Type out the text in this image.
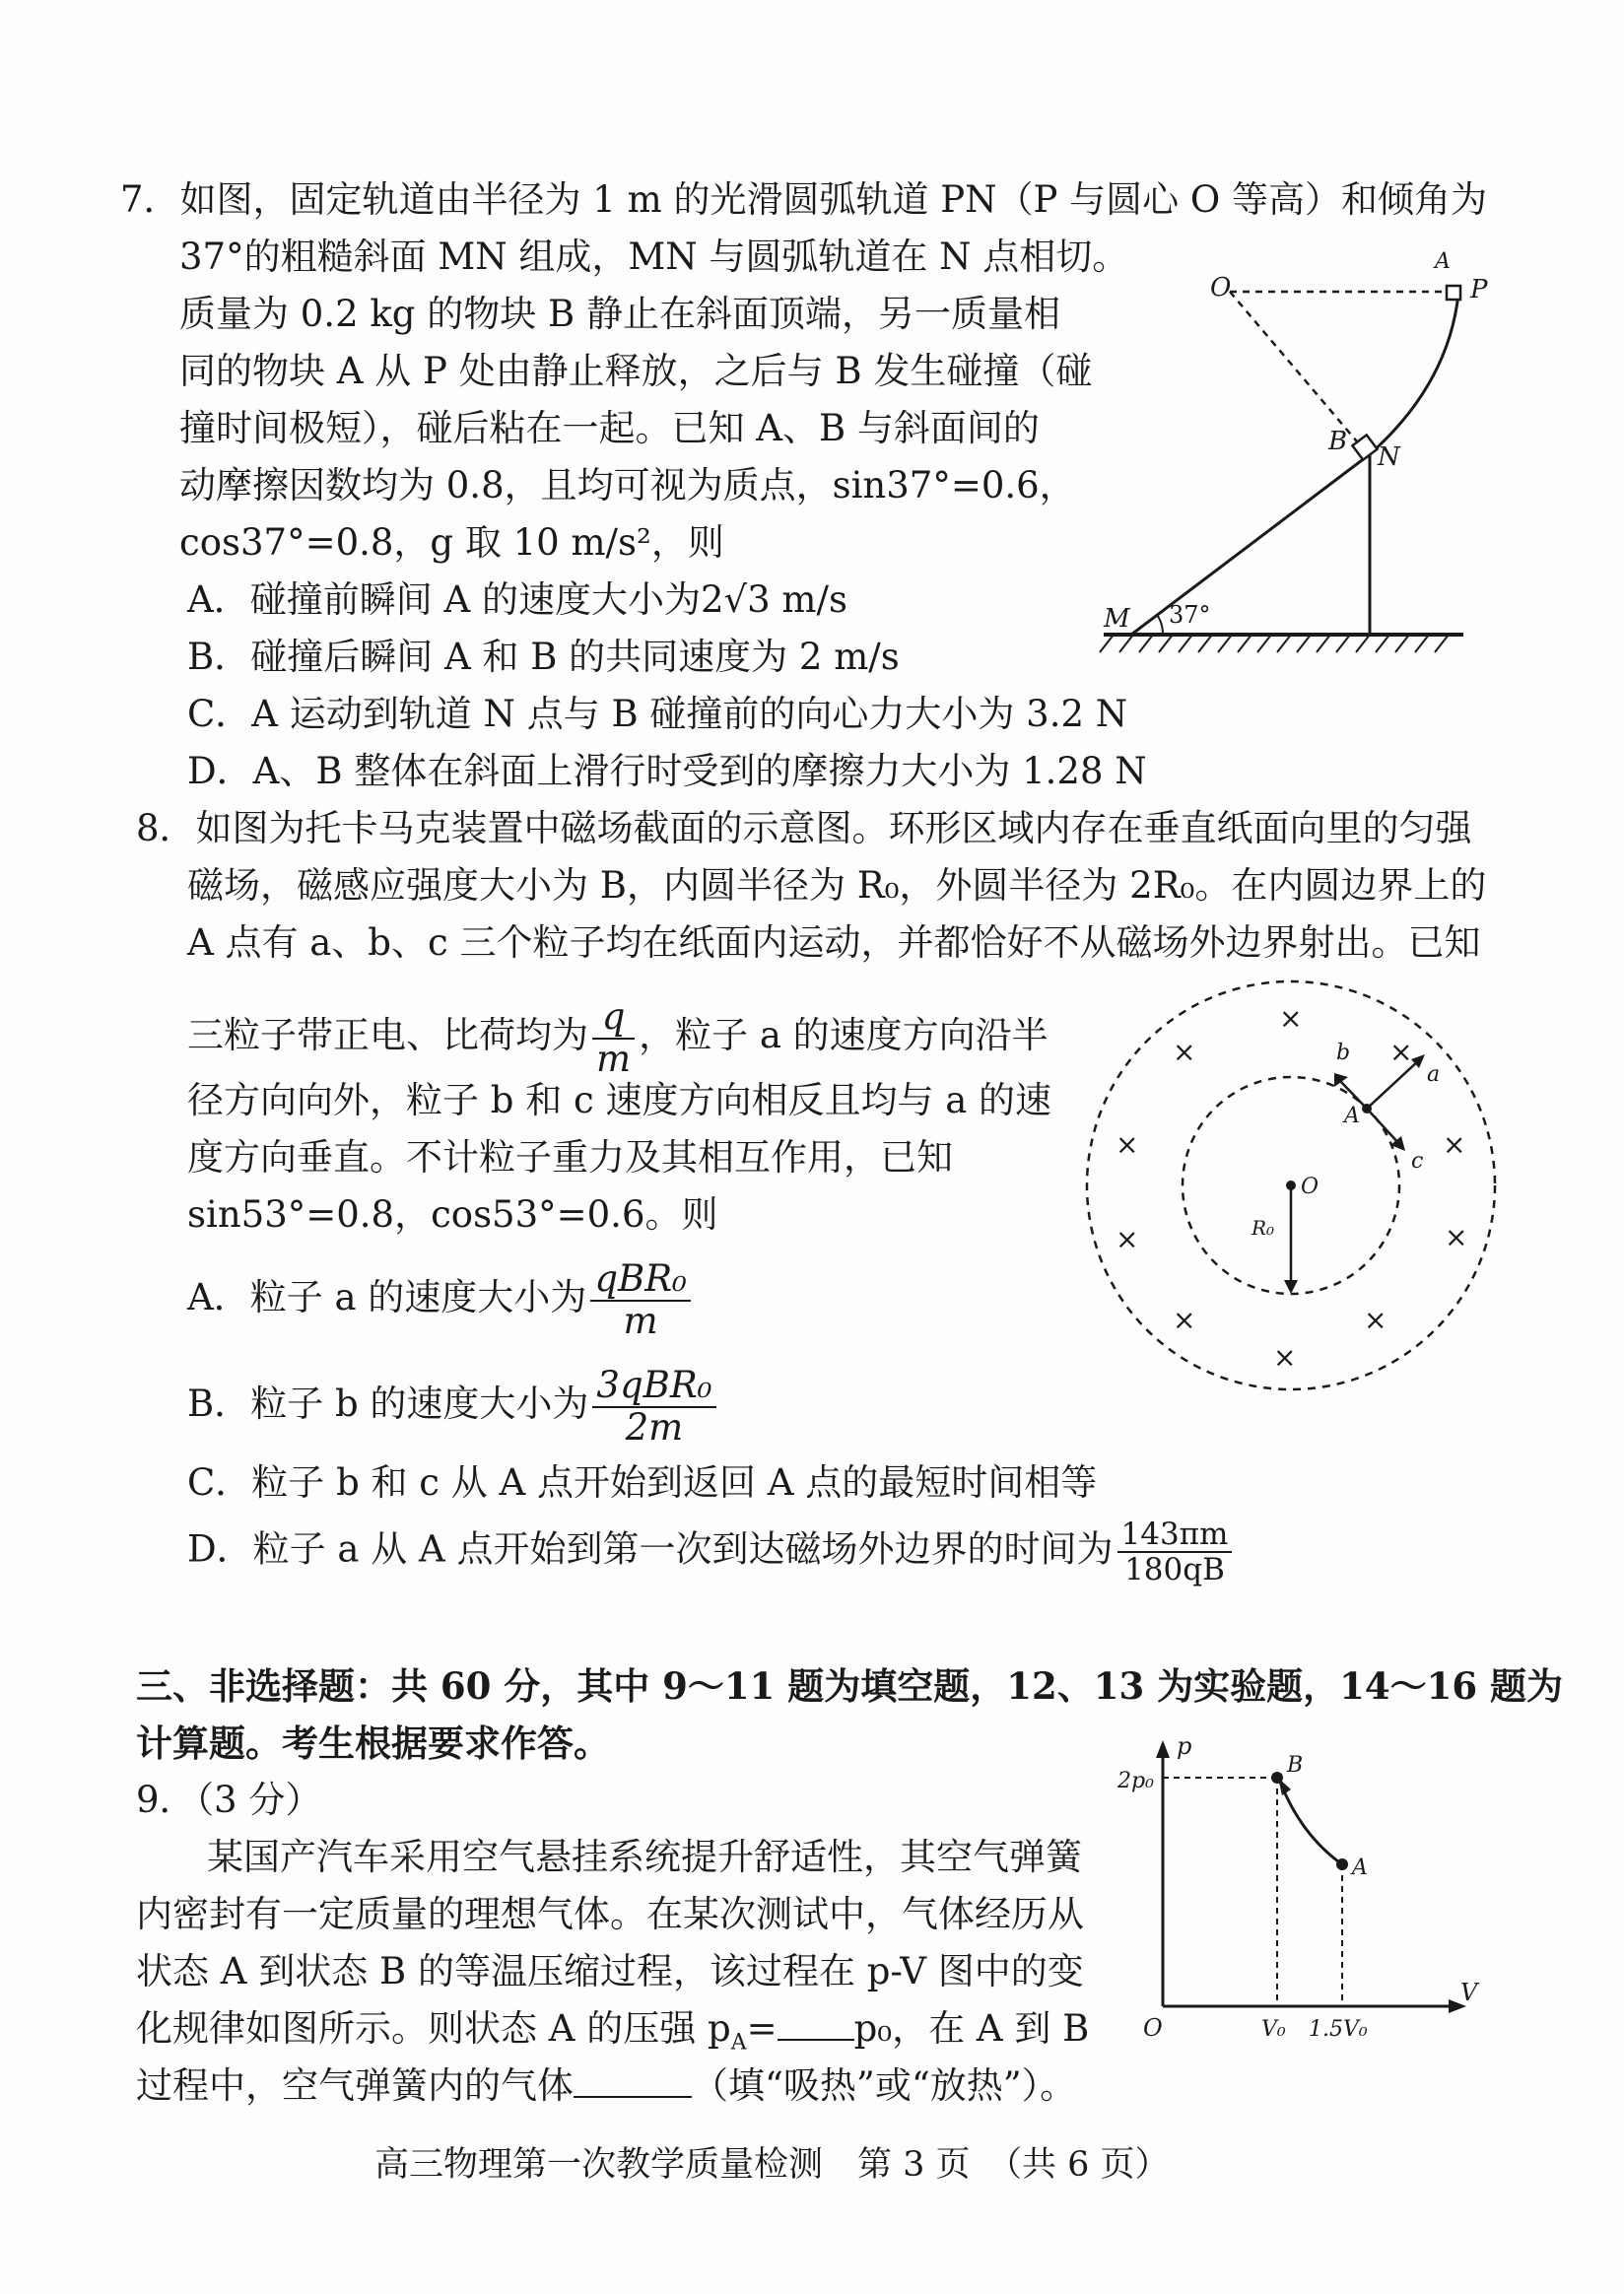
7．如图，固定轨道由半径为 1 m 的光滑圆弧轨道 PN（P 与圆心 O 等高）和倾角为
37°的粗糙斜面 MN 组成，MN 与圆弧轨道在 N 点相切。
质量为 0.2 kg 的物块 B 静止在斜面顶端，另一质量相
同的物块 A 从 P 处由静止释放，之后与 B 发生碰撞（碰
撞时间极短），碰后粘在一起。已知 A、B 与斜面间的
动摩擦因数均为 0.8，且均可视为质点，sin37°=0.6，
cos37°=0.8，g 取 10 m/s²，则
A．碰撞前瞬间 A 的速度大小为2√3 m/s
B．碰撞后瞬间 A 和 B 的共同速度为 2 m/s
C．A 运动到轨道 N 点与 B 碰撞前的向心力大小为 3.2 N
D．A、B 整体在斜面上滑行时受到的摩擦力大小为 1.28 N
O
A
P
B
N
M 37°
8．如图为托卡马克装置中磁场截面的示意图。环形区域内存在垂直纸面向里的匀强
磁场，磁感应强度大小为 B，内圆半径为 R₀，外圆半径为 2R₀。在内圆边界上的
A 点有 a、b、c 三个粒子均在纸面内运动，并都恰好不从磁场外边界射出。已知
三粒子带正电、比荷均为 $\frac{q}{m}$ ，粒子 a 的速度方向沿半
径方向向外，粒子 b 和 c 速度方向相反且均与 a 的速
度方向垂直。不计粒子重力及其相互作用，已知
sin53°=0.8，cos53°=0.6。则
A．粒子 a 的速度大小为 $\frac{\text{qBR₀}}{m}$
B．粒子 b 的速度大小为 $\frac{\text{3qBR₀}}{2m}$
C．粒子 b 和 c 从 A 点开始到返回 A 点的最短时间相等
D．粒子 a 从 A 点开始到第一次到达磁场外边界的时间为 $\frac{143\pi m}{180qB}$
×
×	×
×	×
×	×
×	×
×
a
b
c
A
O
R₀
三、非选择题：共 60 分，其中 9～11 题为填空题，12、13 为实验题，14～16 题为
计算题。考生根据要求作答。
9．（3 分）
某国产汽车采用空气悬挂系统提升舒适性，其空气弹簧
内密封有一定质量的理想气体。在某次测试中，气体经历从
状态 A 到状态 B 的等温压缩过程，该过程在 p-V 图中的变
化规律如图所示。则状态 A 的压强 $p_A= p_0$，在 A 到 B
过程中，空气弹簧内的气体	（填“吸热”或“放热”）。
p
V
O
2p₀
B
A
V₀ 1.5V₀
高三物理第一次教学质量检测　第 3 页　（共 6 页）
